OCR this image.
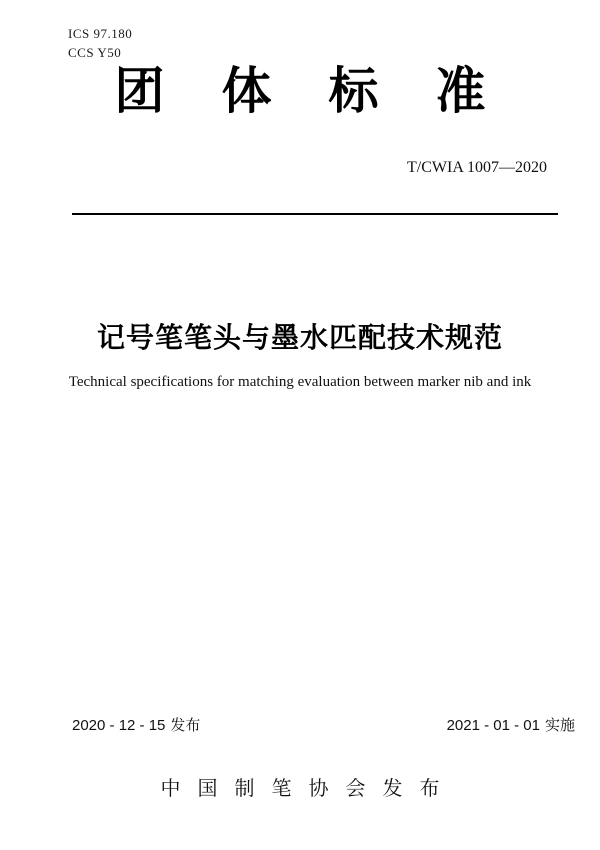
ICS 97.180
CCS Y50
团体标准
T/CWIA 1007—2020
记号笔笔头与墨水匹配技术规范
Technical specifications for matching evaluation between marker nib and ink
2020 - 12 - 15 发布	2021 - 01 - 01 实施
中国制笔协会发布
